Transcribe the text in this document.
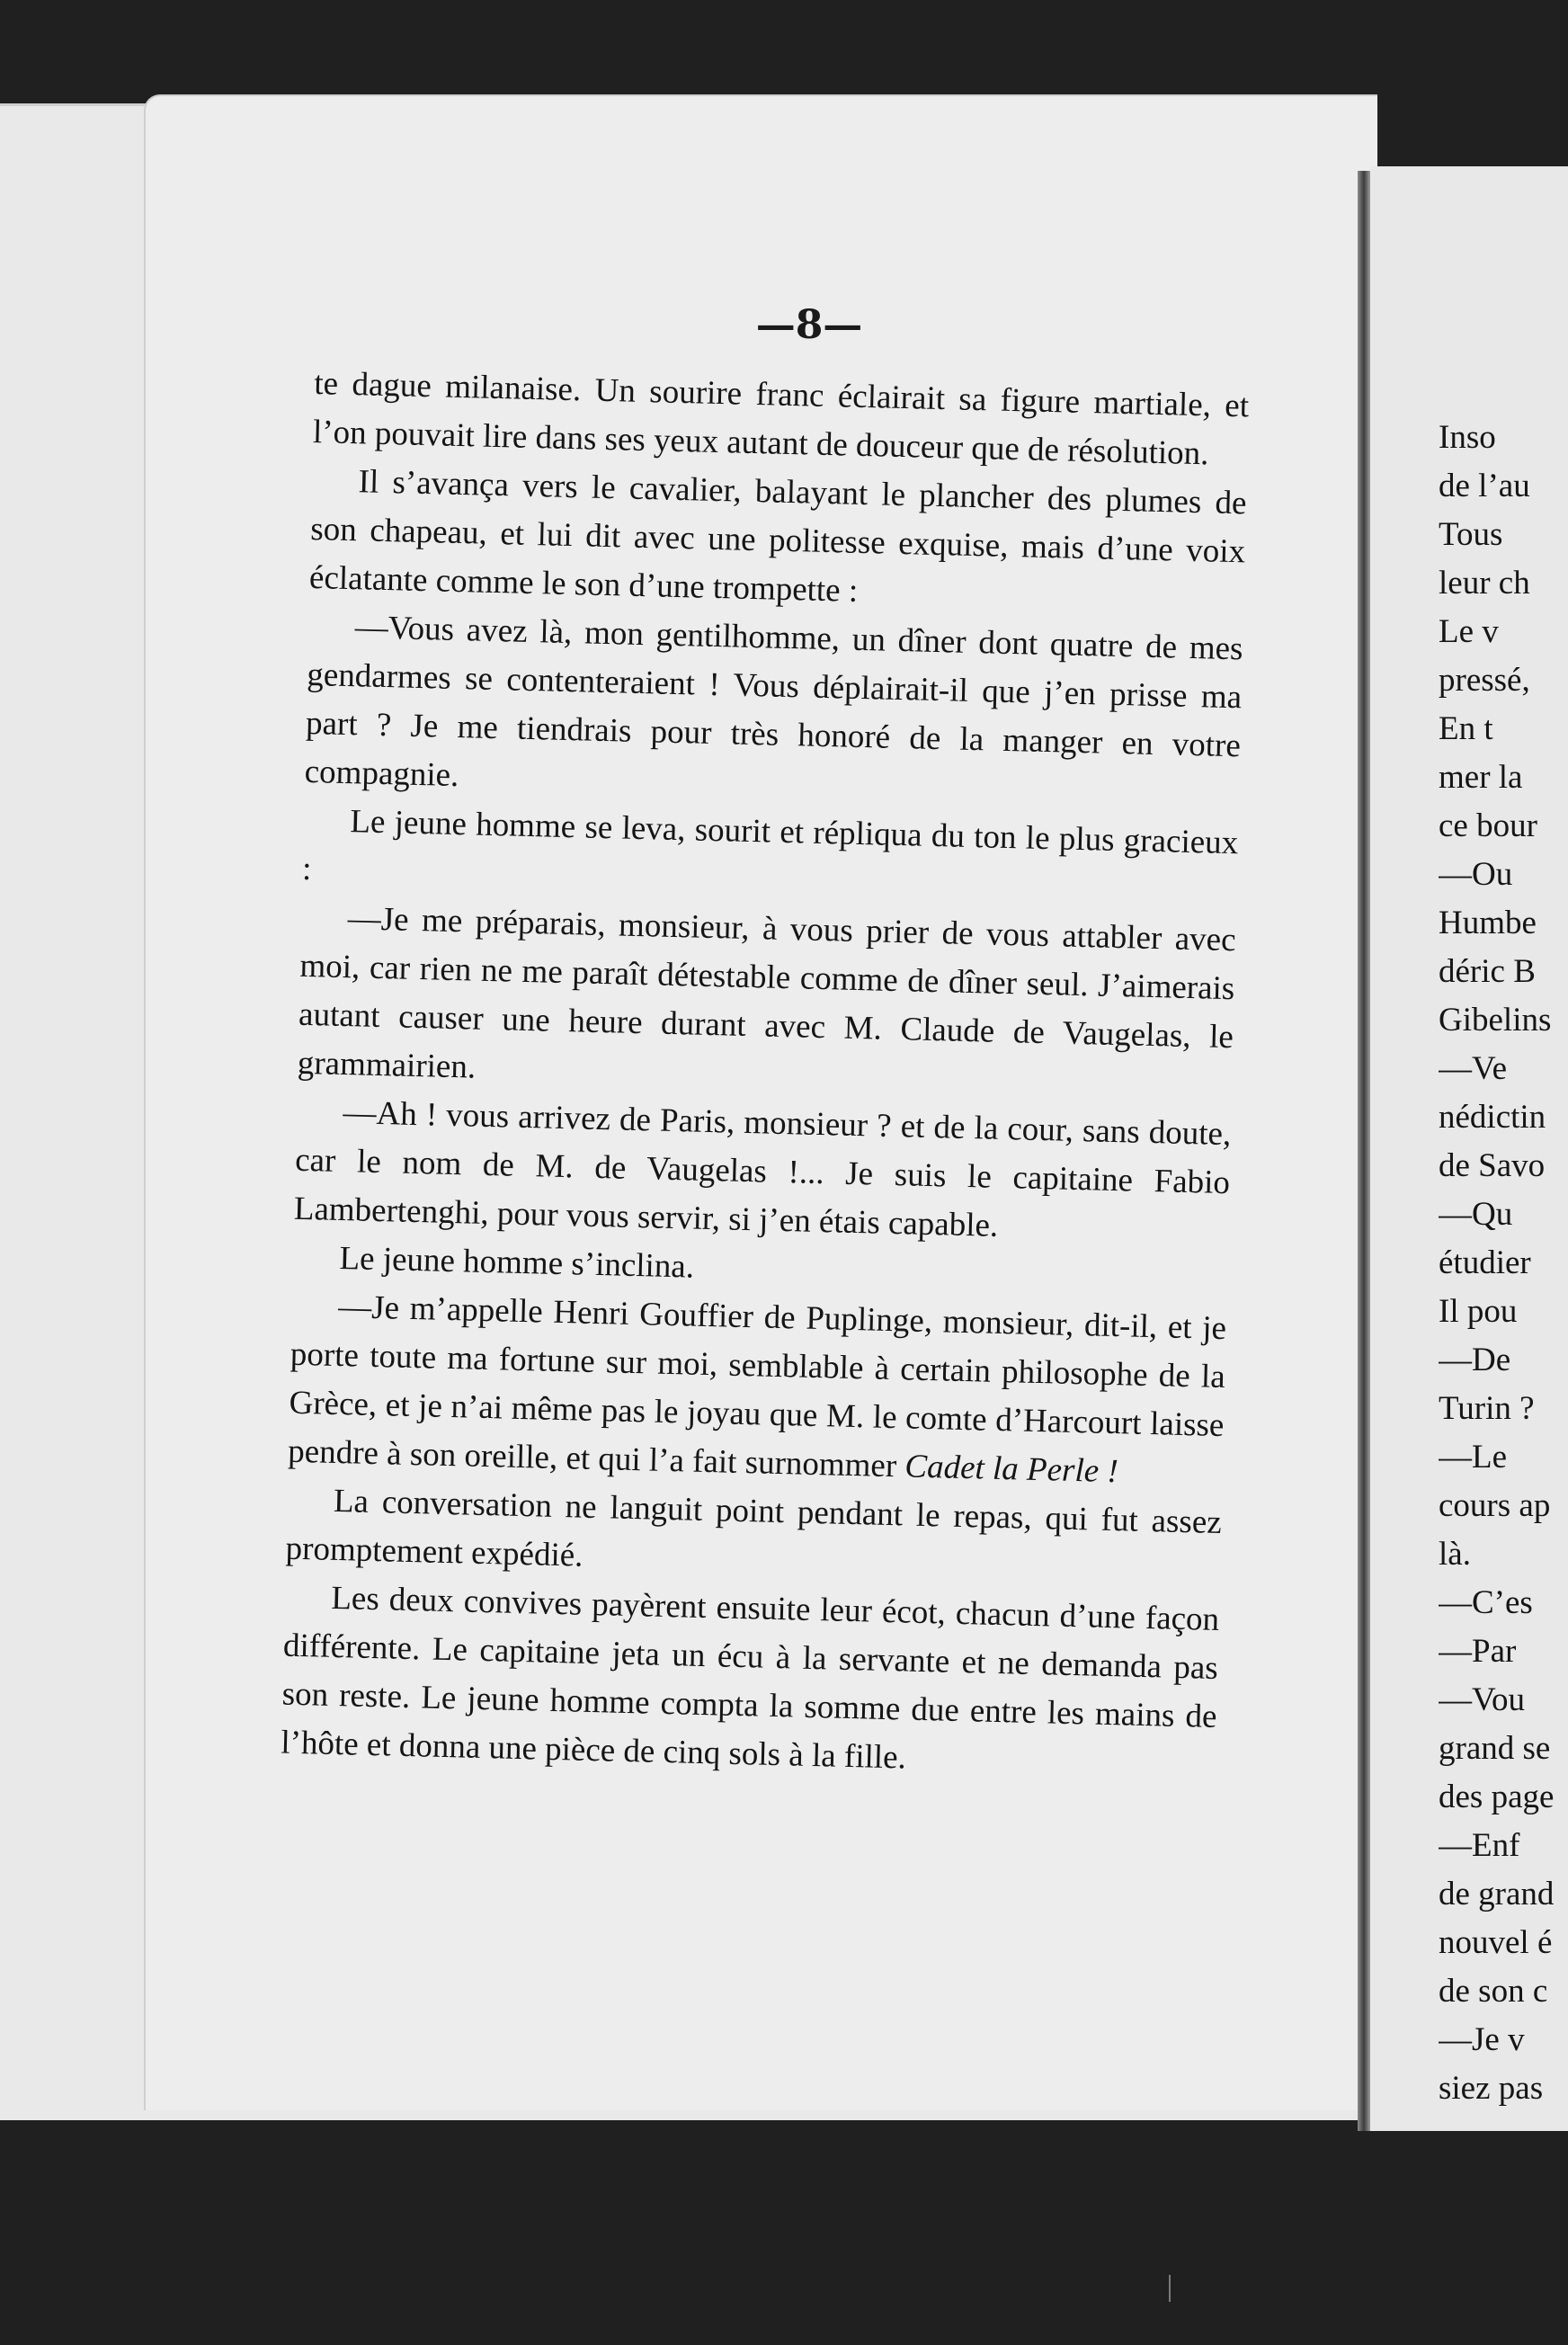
—8—

te dague milanaise. Un sourire franc éclairait sa figure martiale, et l’on pouvait lire dans ses yeux autant de douceur que de résolution.

Il s’avança vers le cavalier, balayant le plancher des plumes de son chapeau, et lui dit avec une politesse exquise, mais d’une voix éclatante comme le son d’une trompette :

—Vous avez là, mon gentilhomme, un dîner dont quatre de mes gendarmes se contenteraient ! Vous déplairait-il que j’en prisse ma part ? Je me tiendrais pour très honoré de la manger en votre compagnie.

Le jeune homme se leva, sourit et répliqua du ton le plus gracieux :

—Je me préparais, monsieur, à vous prier de vous attabler avec moi, car rien ne me paraît détestable comme de dîner seul. J’aimerais autant causer une heure durant avec M. Claude de Vaugelas, le grammairien.

—Ah ! vous arrivez de Paris, monsieur ? et de la cour, sans doute, car le nom de M. de Vaugelas !... Je suis le capitaine Fabio Lambertenghi, pour vous servir, si j’en étais capable.

Le jeune homme s’inclina.

—Je m’appelle Henri Gouffier de Puplinge, monsieur, dit-il, et je porte toute ma fortune sur moi, semblable à certain philosophe de la Grèce, et je n’ai même pas le joyau que M. le comte d’Harcourt laisse pendre à son oreille, et qui l’a fait surnommer Cadet la Perle !

La conversation ne languit point pendant le repas, qui fut assez promptement expédié.

Les deux convives payèrent ensuite leur écot, chacun d’une façon différente. Le capitaine jeta un écu à la servante et ne demanda pas son reste. Le jeune homme compta la somme due entre les mains de l’hôte et donna une pièce de cinq sols à la fille.

Inso
de l’au
Tous
leur ch
Le v
pressé,
En t
mer la
ce bour
—Ou
Humbe
déric B
Gibelins
—Ve
nédictin
de Savo
—Qu
étudier
Il pou
—De
Turin ?
—Le
cours ap
là.
—C’es
—Par
—Vou
grand se
des page
—Enf
de grand
nouvel é
de son c
—Je v
siez pas
